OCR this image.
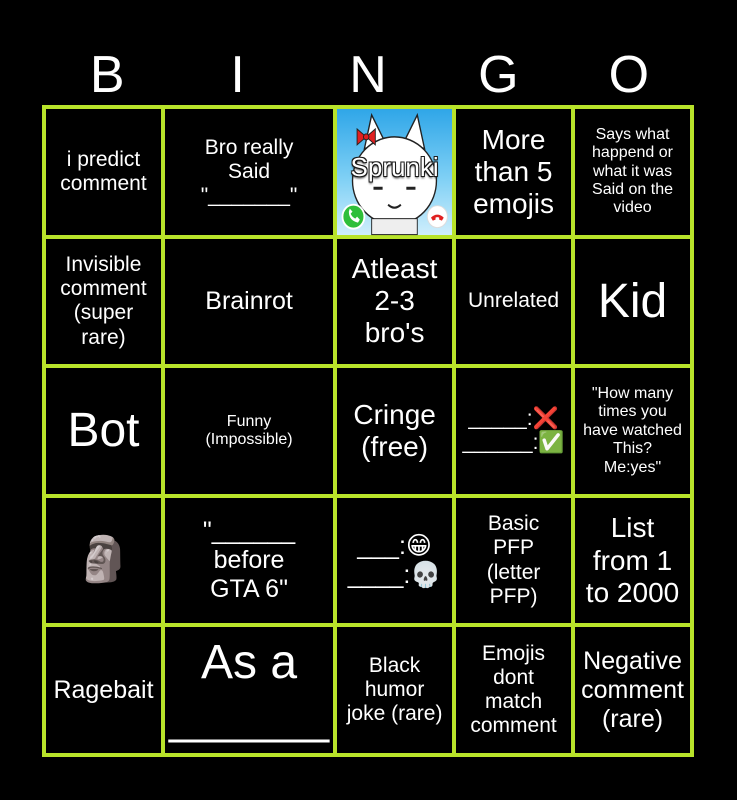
B	I	N	G	O
i predict
comment
Bro really
Said
"_______"

Sprunki

More
than 5
emojis
Says what
happend or
what it was
Said on the
video
Invisible
comment
(super
rare)
Brainrot
Atleast
2-3
bro's
Unrelated Kid
Bot	Funny
(Impossible)
Cringe
(free)
_____:❌
______:✅
"How many
times you
have watched
This?
Me:yes"
🗿
"______
before
GTA 6"
___:😁
____:💀
Basic
PFP
(letter
PFP)
List
from 1
to 2000
Ragebait
As a
______
Black
humor
joke (rare)
Emojis
dont
match
comment
Negative
comment
(rare)
